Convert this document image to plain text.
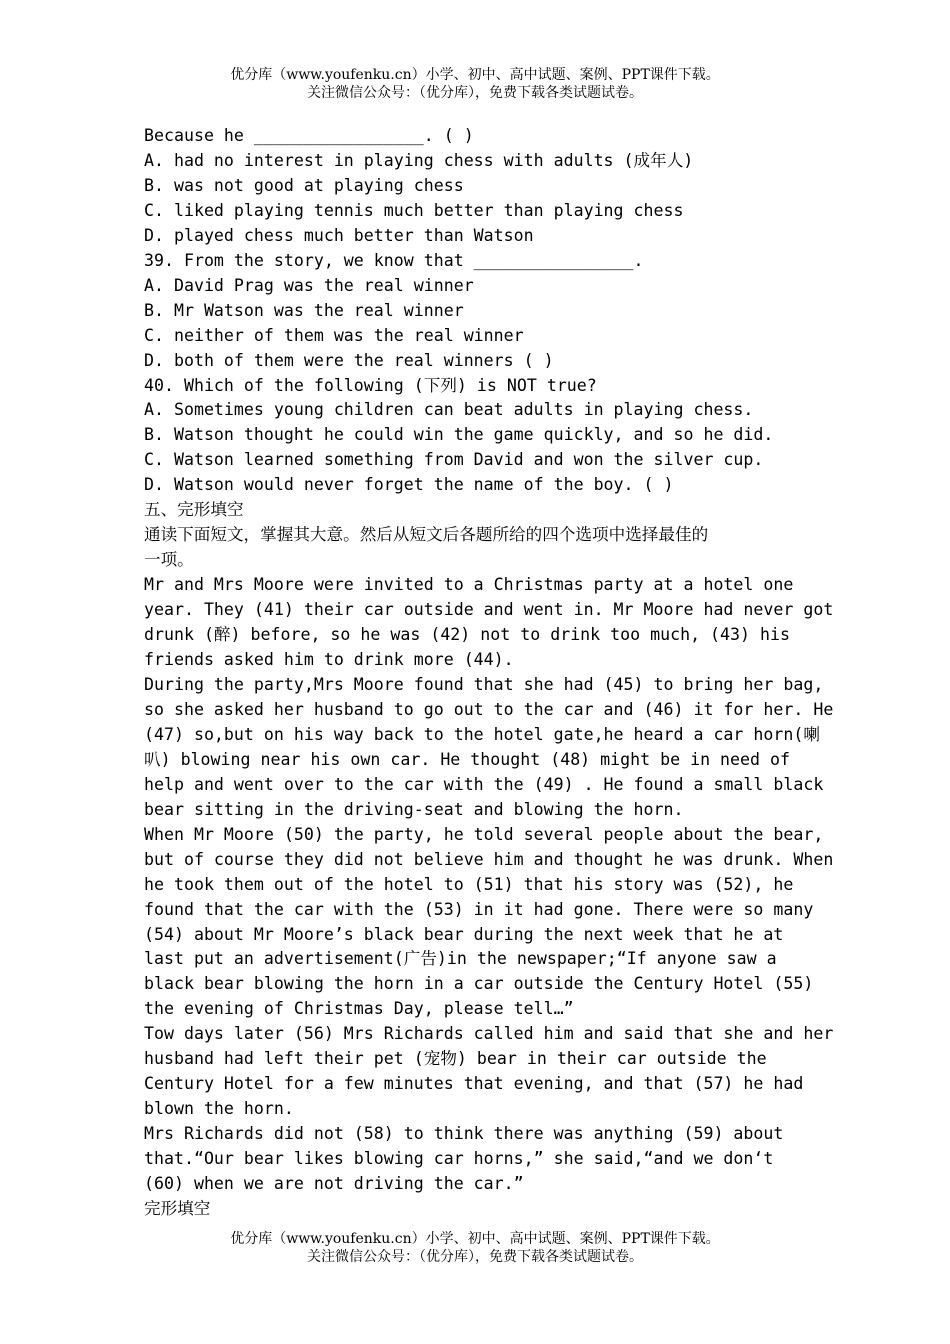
优分库（www.youfenku.cn）小学、初中、高中试题、案例、PPT课件下载。
关注微信公众号：（优分库），免费下载各类试题试卷。
Because he _________________. ( )
A. had no interest in playing chess with adults (成年人)
B. was not good at playing chess
C. liked playing tennis much better than playing chess
D. played chess much better than Watson
39. From the story, we know that ________________.
A. David Prag was the real winner
B. Mr Watson was the real winner
C. neither of them was the real winner
D. both of them were the real winners ( )
40. Which of the following (下列) is NOT true?
A. Sometimes young children can beat adults in playing chess.
B. Watson thought he could win the game quickly, and so he did.
C. Watson learned something from David and won the silver cup.
D. Watson would never forget the name of the boy. ( )
五、完形填空
通读下面短文，掌握其大意。然后从短文后各题所给的四个选项中选择最佳的
一项。
Mr and Mrs Moore were invited to a Christmas party at a hotel one
year. They (41) their car outside and went in. Mr Moore had never got
drunk (醉) before, so he was (42) not to drink too much, (43) his
friends asked him to drink more (44).
During the party,Mrs Moore found that she had (45) to bring her bag,
so she asked her husband to go out to the car and (46) it for her. He
(47) so,but on his way back to the hotel gate,he heard a car horn(喇
叭) blowing near his own car. He thought (48) might be in need of
help and went over to the car with the (49) . He found a small black
bear sitting in the driving-seat and blowing the horn.
When Mr Moore (50) the party, he told several people about the bear,
but of course they did not believe him and thought he was drunk. When
he took them out of the hotel to (51) that his story was (52), he
found that the car with the (53) in it had gone. There were so many
(54) about Mr Moore’s black bear during the next week that he at
last put an advertisement(广告)in the newspaper;“If anyone saw a
black bear blowing the horn in a car outside the Century Hotel (55)
the evening of Christmas Day, please tell…”
Tow days later (56) Mrs Richards called him and said that she and her
husband had left their pet (宠物) bear in their car outside the
Century Hotel for a few minutes that evening, and that (57) he had
blown the horn.
Mrs Richards did not (58) to think there was anything (59) about
that.“Our bear likes blowing car horns,” she said,“and we don‘t
(60) when we are not driving the car.”
完形填空
优分库（www.youfenku.cn）小学、初中、高中试题、案例、PPT课件下载。
关注微信公众号：（优分库），免费下载各类试题试卷。
